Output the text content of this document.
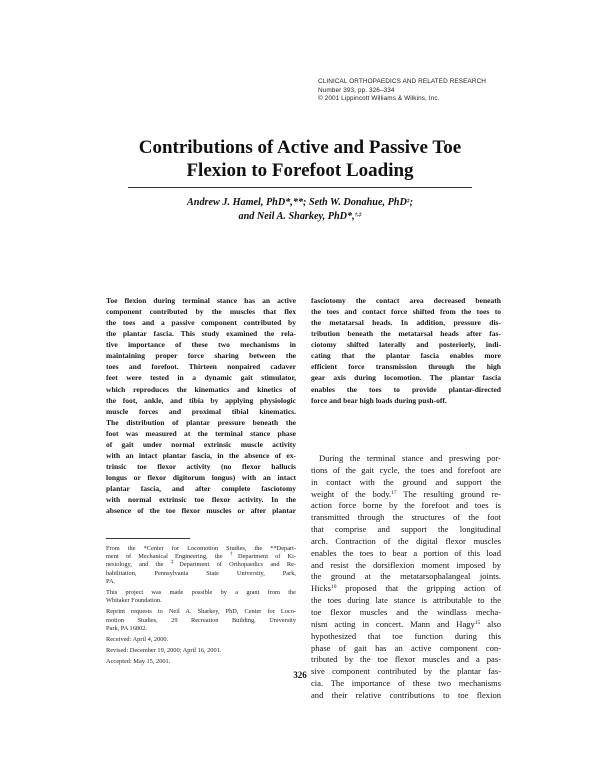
CLINICAL ORTHOPAEDICS AND RELATED RESEARCH
Number 393, pp. 326–334
© 2001 Lippincott Williams & Wilkins, Inc.
Contributions of Active and Passive Toe
Flexion to Forefoot Loading
Andrew J. Hamel, PhD*,**; Seth W. Donahue, PhD‡;
and Neil A. Sharkey, PhD*,†,‡
Toe flexion during terminal stance has an active
component contributed by the muscles that flex
the toes and a passive component contributed by
the plantar fascia. This study examined the rela-
tive importance of these two mechanisms in
maintaining proper force sharing between the
toes and forefoot. Thirteen nonpaired cadaver
feet were tested in a dynamic gait stimulator,
which reproduces the kinematics and kinetics of
the foot, ankle, and tibia by applying physiologic
muscle forces and proximal tibial kinematics.
The distribution of plantar pressure beneath the
foot was measured at the terminal stance phase
of gait under normal extrinsic muscle activity
with an intact plantar fascia, in the absence of ex-
trinsic toe flexor activity (no flexor hallucis
longus or flexor digitorum longus) with an intact
plantar fascia, and after complete fasciotomy
with normal extrinsic toe flexor activity. In the
absence of the toe flexor muscles or after plantar
fasciotomy the contact area decreased beneath
the toes and contact force shifted from the toes to
the metatarsal heads. In addition, pressure dis-
tribution beneath the metatarsal heads after fas-
ciotomy shifted laterally and posteriorly, indi-
cating that the plantar fascia enables more
efficient force transmission through the high
gear axis during locomotion. The plantar fascia
enables the toes to provide plantar-directed
force and bear high loads during push-off.
During the terminal stance and preswing por-
tions of the gait cycle, the toes and forefoot are
in contact with the ground and support the
weight of the body.$^{17}$ The resulting ground re-
action force borne by the forefoot and toes is
transmitted through the structures of the foot
that comprise and support the longitudinal
arch. Contraction of the digital flexor muscles
enables the toes to bear a portion of this load
and resist the dorsiflexion moment imposed by
the ground at the metatarsophalangeal joints.
Hicks$^{10}$ proposed that the gripping action of
the toes during late stance is attributable to the
toe flexor muscles and the windlass mecha-
nism acting in concert. Mann and Hagy$^{15}$ also
hypothesized that toe function during this
phase of gait has an active component con-
tributed by the toe flexor muscles and a pas-
sive component contributed by the plantar fas-
cia. The importance of these two mechanisms
and their relative contributions to toe flexion
From the *Center for Locomotion Studies, the **Depart-
ment of Mechanical Engineering, the †Department of Ki-
nesiology, and the ‡Department of Orthopaedics and Re-
habilitation, Pennsylvania State University, Park,
PA.
This project was made possible by a grant from the
Whitaker Foundation.
Reprint requests to Neil A. Sharkey, PhD, Center for Loco-
motion Studies, 29 Recreation Building, University
Park, PA 16802.
Received: April 4, 2000.
Revised: December 19, 2000; April 16, 2001.
Accepted: May 15, 2001.
326
